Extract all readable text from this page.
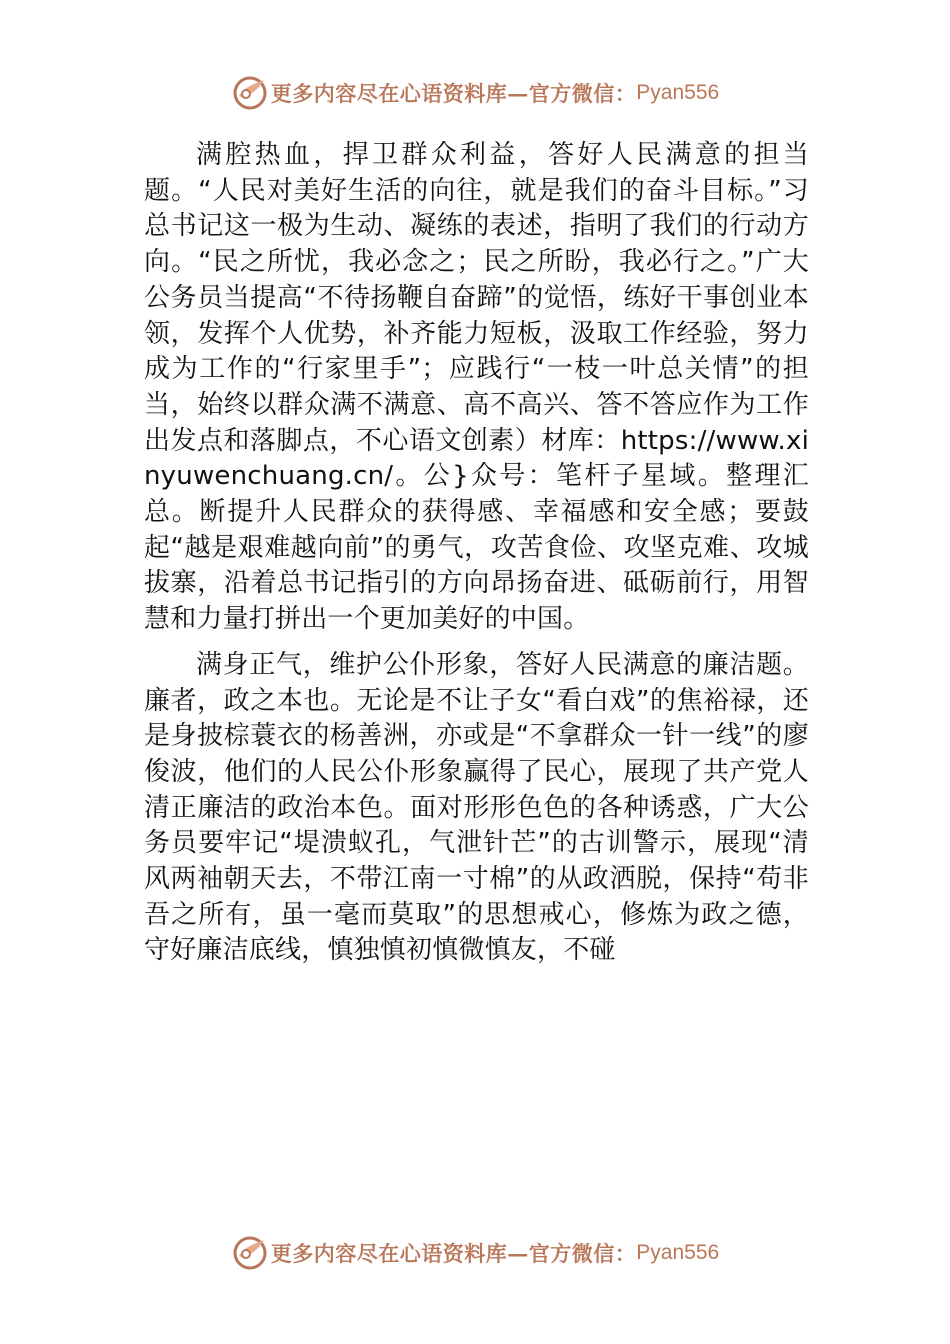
更多内容尽在心语资料库—官方微信： Pyan556

满腔热血，捍卫群众利益，答好人民满意的担当题。“人民对美好生活的向往，就是我们的奋斗目标。”习总书记这一极为生动、凝练的表述，指明了我们的行动方向。“民之所忧，我必念之；民之所盼，我必行之。”广大公务员当提高“不待扬鞭自奋蹄”的觉悟，练好干事创业本领，发挥个人优势，补齐能力短板，汲取工作经验，努力成为工作的“行家里手”；应践行“一枝一叶总关情”的担当，始终以群众满不满意、高不高兴、答不答应作为工作出发点和落脚点，不心语文创素）材库：https://www.xinyuwenchuang.cn/。公}众号：笔杆子星域。整理汇总。断提升人民群众的获得感、幸福感和安全感；要鼓起“越是艰难越向前”的勇气，攻苦食俭、攻坚克难、攻城拔寨，沿着总书记指引的方向昂扬奋进、砥砺前行，用智慧和力量打拼出一个更加美好的中国。

满身正气，维护公仆形象，答好人民满意的廉洁题。廉者，政之本也。无论是不让子女“看白戏”的焦裕禄，还是身披棕蓑衣的杨善洲，亦或是“不拿群众一针一线”的廖俊波，他们的人民公仆形象赢得了民心，展现了共产党人清正廉洁的政治本色。面对形形色色的各种诱惑，广大公务员要牢记“堤溃蚁孔，气泄针芒”的古训警示，展现“清风两袖朝天去，不带江南一寸棉”的从政洒脱，保持“苟非吾之所有，虽一毫而莫取”的思想戒心，修炼为政之德，守好廉洁底线，慎独慎初慎微慎友，不碰

更多内容尽在心语资料库—官方微信： Pyan556
